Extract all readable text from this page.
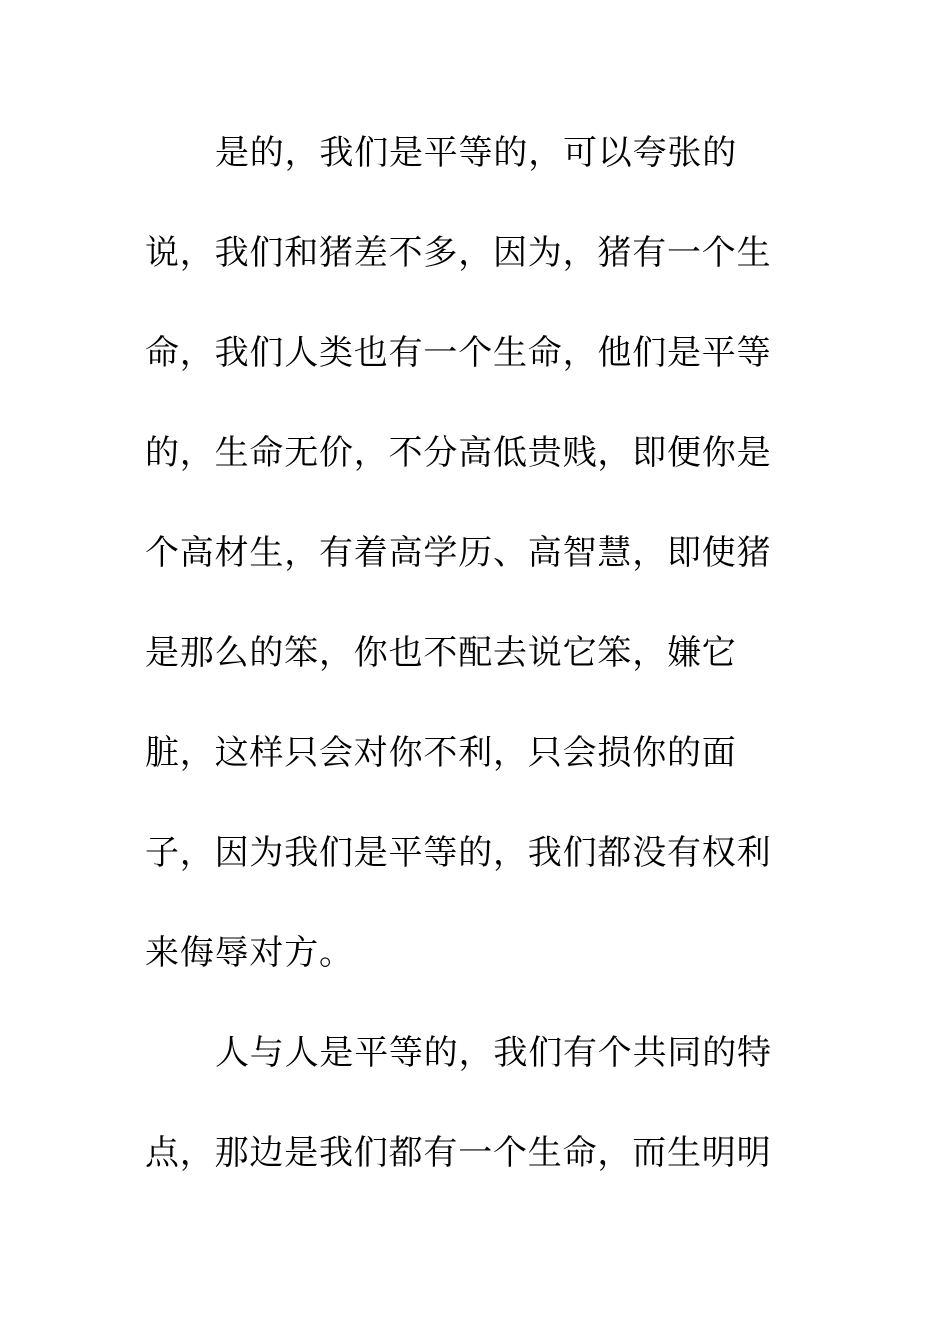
是的，我们是平等的，可以夸张的说，我们和猪差不多，因为，猪有一个生命，我们人类也有一个生命，他们是平等的，生命无价，不分高低贵贱，即便你是个高材生，有着高学历、高智慧，即使猪是那么的笨，你也不配去说它笨，嫌它脏，这样只会对你不利，只会损你的面子，因为我们是平等的，我们都没有权利来侮辱对方。

人与人是平等的，我们有个共同的特点，那边是我们都有一个生命，而生明明
